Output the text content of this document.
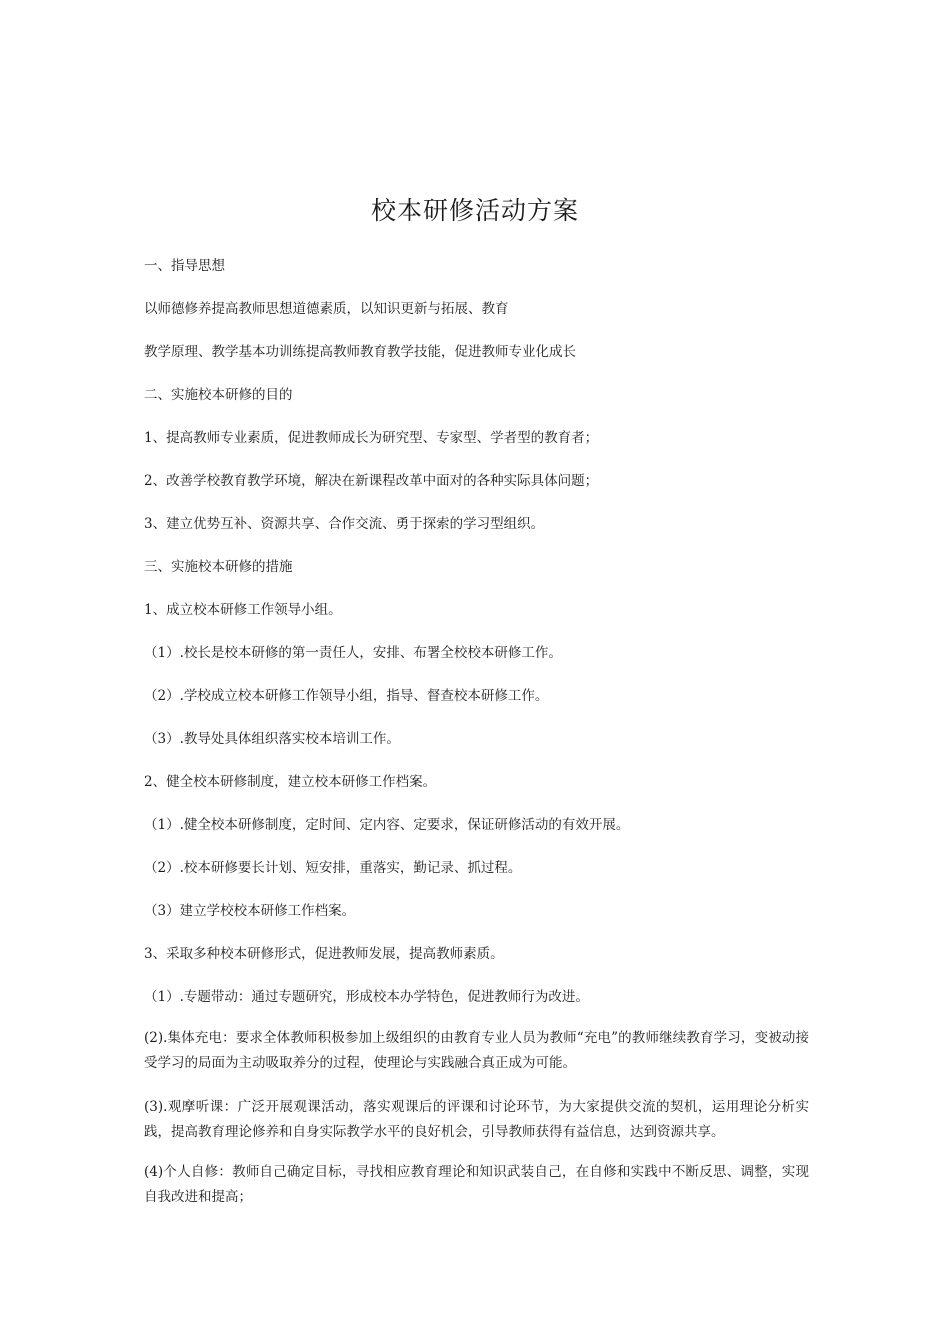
校本研修活动方案
一、指导思想
以师德修养提高教师思想道德素质，以知识更新与拓展、教育
教学原理、教学基本功训练提高教师教育教学技能，促进教师专业化成长
二、实施校本研修的目的
1、提高教师专业素质，促进教师成长为研究型、专家型、学者型的教育者；
2、改善学校教育教学环境，解决在新课程改革中面对的各种实际具体问题；
3、建立优势互补、资源共享、合作交流、勇于探索的学习型组织。
三、实施校本研修的措施
1、成立校本研修工作领导小组。
（1）.校长是校本研修的第一责任人，安排、布署全校校本研修工作。
（2）.学校成立校本研修工作领导小组，指导、督查校本研修工作。
（3）.教导处具体组织落实校本培训工作。
2、健全校本研修制度，建立校本研修工作档案。
（1）.健全校本研修制度，定时间、定内容、定要求，保证研修活动的有效开展。
（2）.校本研修要长计划、短安排，重落实，勤记录、抓过程。
（3）建立学校校本研修工作档案。
3、采取多种校本研修形式，促进教师发展，提高教师素质。
（1）.专题带动：通过专题研究，形成校本办学特色，促进教师行为改进。
(2).集体充电：要求全体教师积极参加上级组织的由教育专业人员为教师“充电”的教师继续教育学习，变被动接受学习的局面为主动吸取养分的过程，使理论与实践融合真正成为可能。
(3).观摩听课：广泛开展观课活动，落实观课后的评课和讨论环节，为大家提供交流的契机，运用理论分析实践，提高教育理论修养和自身实际教学水平的良好机会，引导教师获得有益信息，达到资源共享。
(4)个人自修：教师自己确定目标，寻找相应教育理论和知识武装自己，在自修和实践中不断反思、调整，实现自我改进和提高；
